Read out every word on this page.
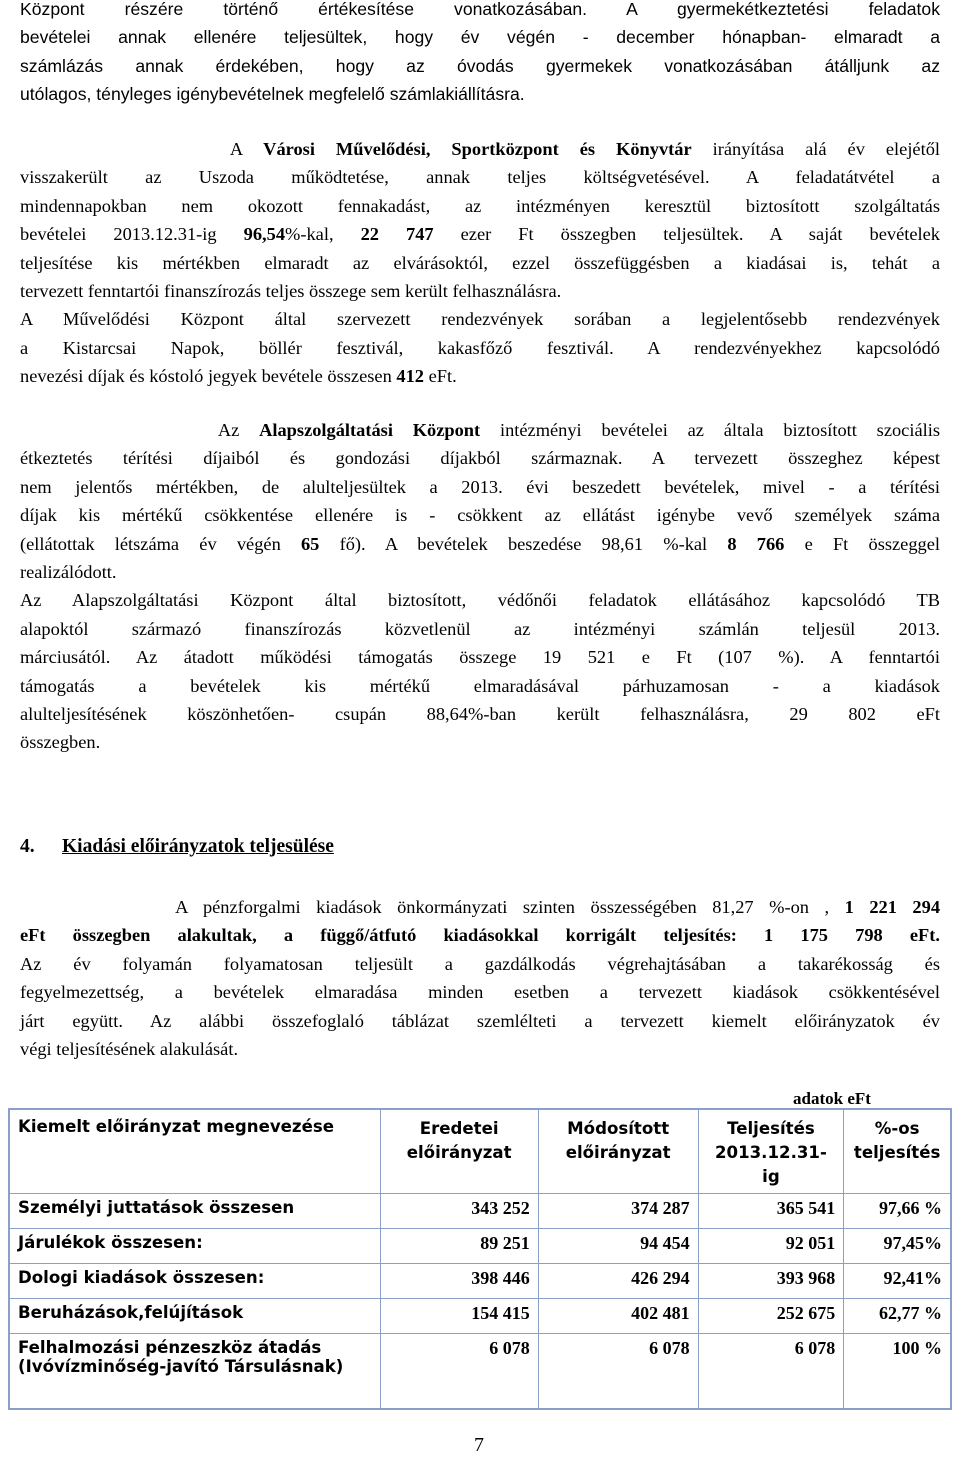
Központ részére történő értékesítése vonatkozásában. A gyermekétkeztetési feladatok
bevételei annak ellenére teljesültek, hogy év végén - december hónapban- elmaradt a
számlázás annak érdekében, hogy az óvodás gyermekek vonatkozásában átálljunk az
utólagos, tényleges igénybevételnek megfelelő számlakiállításra.
A Városi Művelődési, Sportközpont és Könyvtár irányítása alá év elejétől
visszakerült az Uszoda működtetése, annak teljes költségvetésével. A feladatátvétel a
mindennapokban nem okozott fennakadást, az intézményen keresztül biztosított szolgáltatás
bevételei 2013.12.31-ig 96,54%-kal, 22 747 ezer Ft összegben teljesültek. A saját bevételek
teljesítése kis mértékben elmaradt az elvárásoktól, ezzel összefüggésben a kiadásai is, tehát a
tervezett fenntartói finanszírozás teljes összege sem került felhasználásra.
A Művelődési Központ által szervezett rendezvények sorában a legjelentősebb rendezvények
a Kistarcsai Napok, böllér fesztivál, kakasfőző fesztivál. A rendezvényekhez kapcsolódó
nevezési díjak és kóstoló jegyek bevétele összesen 412 eFt.
Az Alapszolgáltatási Központ intézményi bevételei az általa biztosított szociális
étkeztetés térítési díjaiból és gondozási díjakból származnak. A tervezett összeghez képest
nem jelentős mértékben, de alulteljesültek a 2013. évi beszedett bevételek, mivel - a térítési
díjak kis mértékű csökkentése ellenére is - csökkent az ellátást igénybe vevő személyek száma
(ellátottak létszáma év végén 65 fő). A bevételek beszedése 98,61 %-kal 8 766 e Ft összeggel
realizálódott.
Az Alapszolgáltatási Központ által biztosított, védőnői feladatok ellátásához kapcsolódó TB
alapoktól származó finanszírozás közvetlenül az intézményi számlán teljesül 2013.
márciusától. Az átadott működési támogatás összege 19 521 e Ft (107 %). A fenntartói
támogatás a bevételek kis mértékű elmaradásával párhuzamosan - a kiadások
alulteljesítésének köszönhetően- csupán 88,64%-ban került felhasználásra, 29 802 eFt
összegben.
A pénzforgalmi kiadások önkormányzati szinten összességében 81,27 %-on , 1 221 294
eFt összegben alakultak, a függő/átfutó kiadásokkal korrigált teljesítés: 1 175 798 eFt.
Az év folyamán folyamatosan teljesült a gazdálkodás végrehajtásában a takarékosság és
fegyelmezettség, a bevételek elmaradása minden esetben a tervezett kiadások csökkentésével
járt együtt. Az alábbi összefoglaló táblázat szemlélteti a tervezett kiemelt előirányzatok év
végi teljesítésének alakulását.
4. Kiadási előirányzatok teljesülése
adatok eFt
Kiemelt előirányzat megnevezése	Eredetei előirányzat	Módosított előirányzat	Teljesítés 2013.12.31-ig	%-os teljesítés
Személyi juttatások összesen	343 252	374 287	365 541	97,66 %
Járulékok összesen:	89 251	94 454	92 051	97,45%
Dologi kiadások összesen:	398 446	426 294	393 968	92,41%
Beruházások,felújítások	154 415	402 481	252 675	62,77 %
Felhalmozási pénzeszköz átadás (Ivóvízminőség-javító Társulásnak)	6 078	6 078	6 078	100 %
7
